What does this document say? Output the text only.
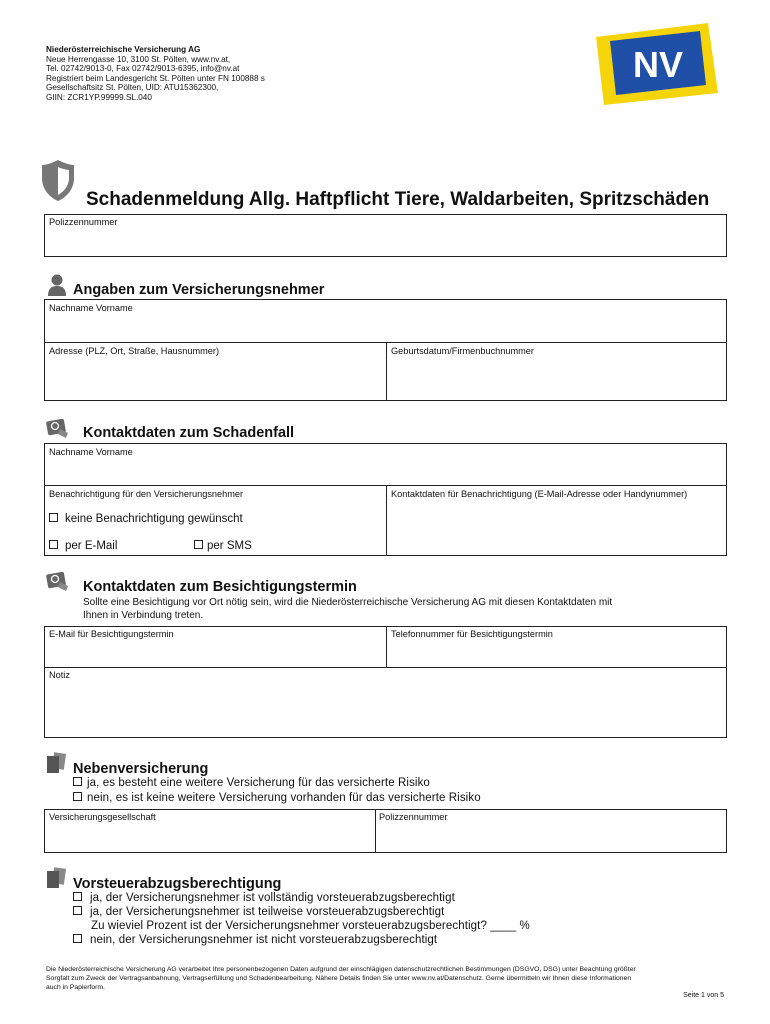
Niederösterreichische Versicherung AG
Neue Herrengasse 10, 3100 St. Pölten, www.nv.at,
Tel. 02742/9013-0, Fax 02742/9013-6395, info@nv.at
Registriert beim Landesgericht St. Pölten unter FN 100888 s
Gesellschaftsitz St. Pölten, UID: ATU15362300,
GIIN: ZCR1YP.99999.SL.040
NV
Schadenmeldung Allg. Haftpflicht Tiere, Waldarbeiten, Spritzschäden
Polizzennummer
Angaben zum Versicherungsnehmer
Nachname Vorname
Adresse (PLZ, Ort, Straße, Hausnummer)	Geburtsdatum/Firmenbuchnummer
Kontaktdaten zum Schadenfall
Nachname Vorname
Benachrichtigung für den Versicherungsnehmer	Kontaktdaten für Benachrichtigung (E-Mail-Adresse oder Handynummer)
keine Benachrichtigung gewünscht
per E-Mail	per SMS
Kontaktdaten zum Besichtigungstermin
Sollte eine Besichtigung vor Ort nötig sein, wird die Niederösterreichische Versicherung AG mit diesen Kontaktdaten mit
Ihnen in Verbindung treten.
E-Mail für Besichtigungstermin	Telefonnummer für Besichtigungstermin
Notiz
Nebenversicherung
ja, es besteht eine weitere Versicherung für das versicherte Risiko
nein, es ist keine weitere Versicherung vorhanden für das versicherte Risiko
Versicherungsgesellschaft	Polizzennummer
Vorsteuerabzugsberechtigung
ja, der Versicherungsnehmer ist vollständig vorsteuerabzugsberechtigt
ja, der Versicherungsnehmer ist teilweise vorsteuerabzugsberechtigt
Zu wieviel Prozent ist der Versicherungsnehmer vorsteuerabzugsberechtigt? ____ %
nein, der Versicherungsnehmer ist nicht vorsteuerabzugsberechtigt
Die Niederösterreichische Versicherung AG verarbeitet Ihre personenbezogenen Daten aufgrund der einschlägigen datenschutzrechtlichen Bestimmungen (DSGVO, DSG) unter Beachtung größter
Sorgfalt zum Zweck der Vertragsanbahnung, Vertragserfüllung und Schadenbearbeitung. Nähere Details finden Sie unter www.nv.at/Datenschutz. Gerne übermitteln wir Ihnen diese Informationen
auch in Papierform.
Seite 1 von 5
